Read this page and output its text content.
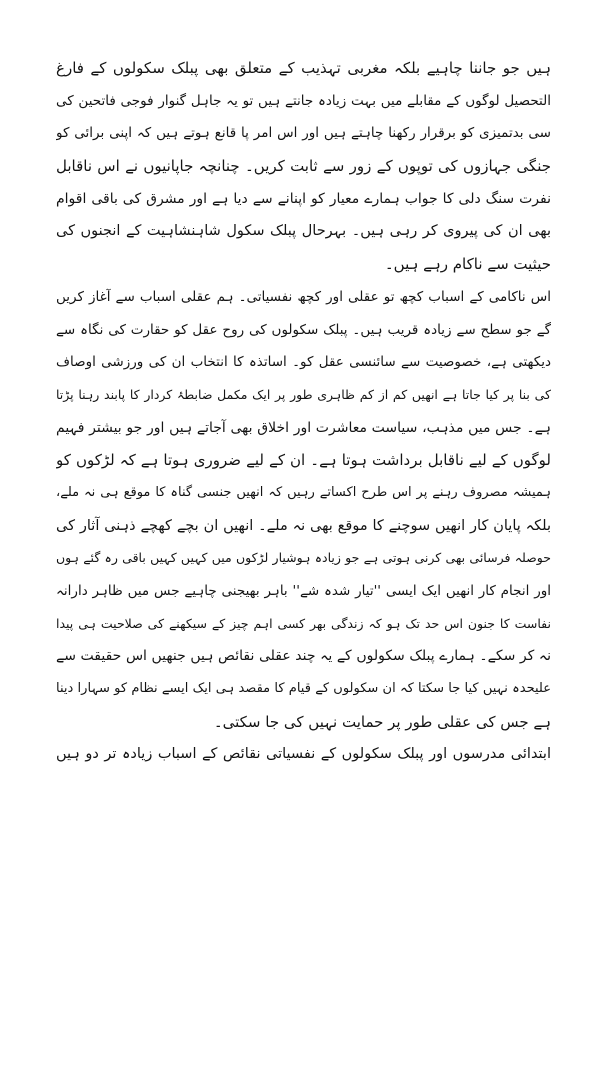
ہیں جو جاننا چاہیے بلکہ مغربی تہذیب کے متعلق بھی پبلک سکولوں کے فارغ
التحصیل لوگوں کے مقابلے میں بہت زیادہ جانتے ہیں تو یہ جاہل گنوار فوجی فاتحین کی
سی بدتمیزی کو برقرار رکھنا چاہتے ہیں اور اس امر پا قانع ہوتے ہیں کہ اپنی برائی کو
جنگی جہازوں کی توپوں کے زور سے ثابت کریں۔ چنانچہ جاپانیوں نے اس ناقابل
نفرت سنگ دلی کا جواب ہمارے معیار کو اپنانے سے دیا ہے اور مشرق کی باقی اقوام
بھی ان کی پیروی کر رہی ہیں۔ بہرحال پبلک سکول شاہنشاہیت کے انجنوں کی
حیثیت سے ناکام رہے ہیں۔
اس ناکامی کے اسباب کچھ تو عقلی اور کچھ نفسیاتی۔ ہم عقلی اسباب سے آغاز کریں
گے جو سطح سے زیادہ قریب ہیں۔ پبلک سکولوں کی روح عقل کو حقارت کی نگاہ سے
دیکھتی ہے، خصوصیت سے سائنسی عقل کو۔ اساتذہ کا انتخاب ان کی ورزشی اوصاف
کی بنا پر کیا جاتا ہے انھیں کم از کم ظاہری طور پر ایک مکمل ضابطۂ کردار کا پابند رہنا پڑتا
ہے۔ جس میں مذہب، سیاست معاشرت اور اخلاق بھی آجاتے ہیں اور جو بیشتر فہیم
لوگوں کے لیے ناقابل برداشت ہوتا ہے۔ ان کے لیے ضروری ہوتا ہے کہ لڑکوں کو
ہمیشہ مصروف رہنے پر اس طرح اکساتے رہیں کہ انھیں جنسی گناہ کا موقع ہی نہ ملے،
بلکہ پایان کار انھیں سوچنے کا موقع بھی نہ ملے۔ انھیں ان بچے کھچے ذہنی آثار کی
حوصلہ فرسائی بھی کرنی ہوتی ہے جو زیادہ ہوشیار لڑکوں میں کہیں کہیں باقی رہ گئے ہوں
اور انجام کار انھیں ایک ایسی ''تیار شدہ شے'' باہر بھیجنی چاہیے جس میں ظاہر دارانہ
نفاست کا جنون اس حد تک ہو کہ زندگی بھر کسی اہم چیز کے سیکھنے کی صلاحیت ہی پیدا
نہ کر سکے۔ ہمارے پبلک سکولوں کے یہ چند عقلی نقائص ہیں جنھیں اس حقیقت سے
علیحدہ نہیں کیا جا سکتا کہ ان سکولوں کے قیام کا مقصد ہی ایک ایسے نظام کو سہارا دینا
ہے جس کی عقلی طور پر حمایت نہیں کی جا سکتی۔
ابتدائی مدرسوں اور پبلک سکولوں کے نفسیاتی نقائص کے اسباب زیادہ تر دو ہیں
